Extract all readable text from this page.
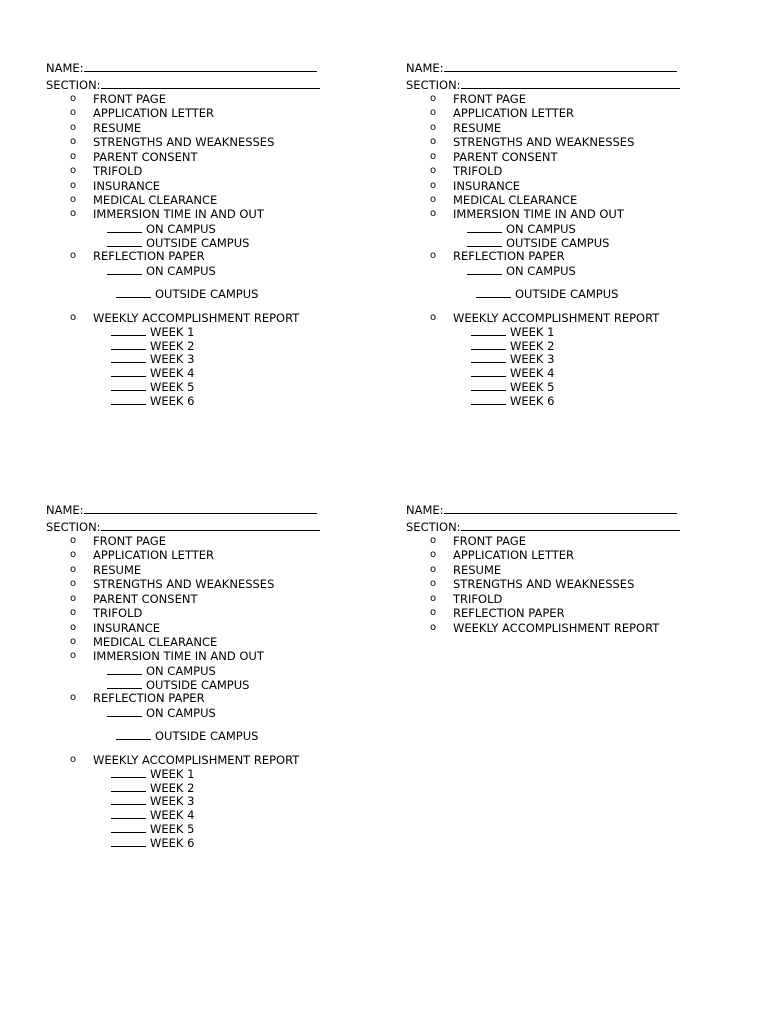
NAME:
SECTION:
o	FRONT PAGE
o	APPLICATION LETTER
o	RESUME
o	STRENGTHS AND WEAKNESSES
o	PARENT CONSENT
o	TRIFOLD
o	INSURANCE
o	MEDICAL CLEARANCE
o	IMMERSION TIME IN AND OUT
ON CAMPUS
OUTSIDE CAMPUS
o	REFLECTION PAPER
ON CAMPUS
OUTSIDE CAMPUS
o	WEEKLY ACCOMPLISHMENT REPORT
WEEK 1
WEEK 2
WEEK 3
WEEK 4
WEEK 5
WEEK 6
NAME:
SECTION:
o	FRONT PAGE
o	APPLICATION LETTER
o	RESUME
o	STRENGTHS AND WEAKNESSES
o	PARENT CONSENT
o	TRIFOLD
o	INSURANCE
o	MEDICAL CLEARANCE
o	IMMERSION TIME IN AND OUT
ON CAMPUS
OUTSIDE CAMPUS
o	REFLECTION PAPER
ON CAMPUS
OUTSIDE CAMPUS
o	WEEKLY ACCOMPLISHMENT REPORT
WEEK 1
WEEK 2
WEEK 3
WEEK 4
WEEK 5
WEEK 6
NAME:
SECTION:
o	FRONT PAGE
o	APPLICATION LETTER
o	RESUME
o	STRENGTHS AND WEAKNESSES
o	PARENT CONSENT
o	TRIFOLD
o	INSURANCE
o	MEDICAL CLEARANCE
o	IMMERSION TIME IN AND OUT
ON CAMPUS
OUTSIDE CAMPUS
o	REFLECTION PAPER
ON CAMPUS
OUTSIDE CAMPUS
o	WEEKLY ACCOMPLISHMENT REPORT
WEEK 1
WEEK 2
WEEK 3
WEEK 4
WEEK 5
WEEK 6
NAME:
SECTION:
o	FRONT PAGE
o	APPLICATION LETTER
o	RESUME
o	STRENGTHS AND WEAKNESSES
o	TRIFOLD
o	REFLECTION PAPER
o	WEEKLY ACCOMPLISHMENT REPORT
